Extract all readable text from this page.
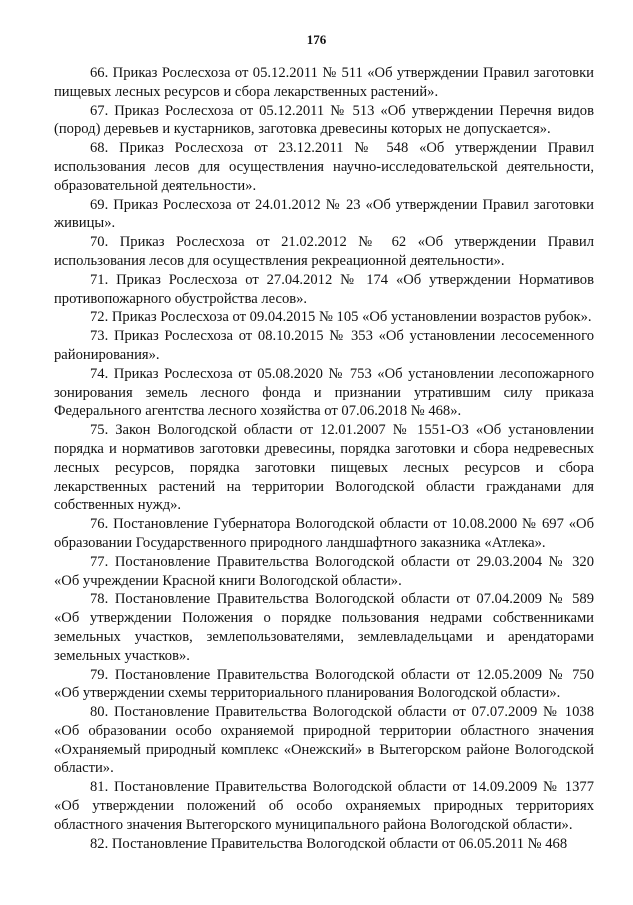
176

66. Приказ Рослесхоза от 05.12.2011 № 511 «Об утверждении Правил заготовки пищевых лесных ресурсов и сбора лекарственных растений».

67. Приказ Рослесхоза от 05.12.2011 № 513 «Об утверждении Перечня видов (пород) деревьев и кустарников, заготовка древесины которых не допускается».

68. Приказ Рослесхоза от 23.12.2011 № 548 «Об утверждении Правил использования лесов для осуществления научно-исследовательской деятельности, образовательной деятельности».

69. Приказ Рослесхоза от 24.01.2012 № 23 «Об утверждении Правил заготовки живицы».

70. Приказ Рослесхоза от 21.02.2012 № 62 «Об утверждении Правил использования лесов для осуществления рекреационной деятельности».

71. Приказ Рослесхоза от 27.04.2012 № 174 «Об утверждении Нормативов противопожарного обустройства лесов».

72. Приказ Рослесхоза от 09.04.2015 № 105 «Об установлении возрастов рубок».

73. Приказ Рослесхоза от 08.10.2015 № 353 «Об установлении лесосеменного районирования».

74. Приказ Рослесхоза от 05.08.2020 № 753 «Об установлении лесопожарного зонирования земель лесного фонда и признании утратившим силу приказа Федерального агентства лесного хозяйства от 07.06.2018 № 468».

75. Закон Вологодской области от 12.01.2007 № 1551-ОЗ «Об установлении порядка и нормативов заготовки древесины, порядка заготовки и сбора недревесных лесных ресурсов, порядка заготовки пищевых лесных ресурсов и сбора лекарственных растений на территории Вологодской области гражданами для собственных нужд».

76. Постановление Губернатора Вологодской области от 10.08.2000 № 697 «Об образовании Государственного природного ландшафтного заказника «Атлека».

77. Постановление Правительства Вологодской области от 29.03.2004 № 320 «Об учреждении Красной книги Вологодской области».

78. Постановление Правительства Вологодской области от 07.04.2009 № 589 «Об утверждении Положения о порядке пользования недрами собственниками земельных участков, землепользователями, землевладельцами и арендаторами земельных участков».

79. Постановление Правительства Вологодской области от 12.05.2009 № 750 «Об утверждении схемы территориального планирования Вологодской области».

80. Постановление Правительства Вологодской области от 07.07.2009 № 1038 «Об образовании особо охраняемой природной территории областного значения «Охраняемый природный комплекс «Онежский» в Вытегорском районе Вологодской области».

81. Постановление Правительства Вологодской области от 14.09.2009 № 1377 «Об утверждении положений об особо охраняемых природных территориях областного значения Вытегорского муниципального района Вологодской области».

82. Постановление Правительства Вологодской области от 06.05.2011 № 468
